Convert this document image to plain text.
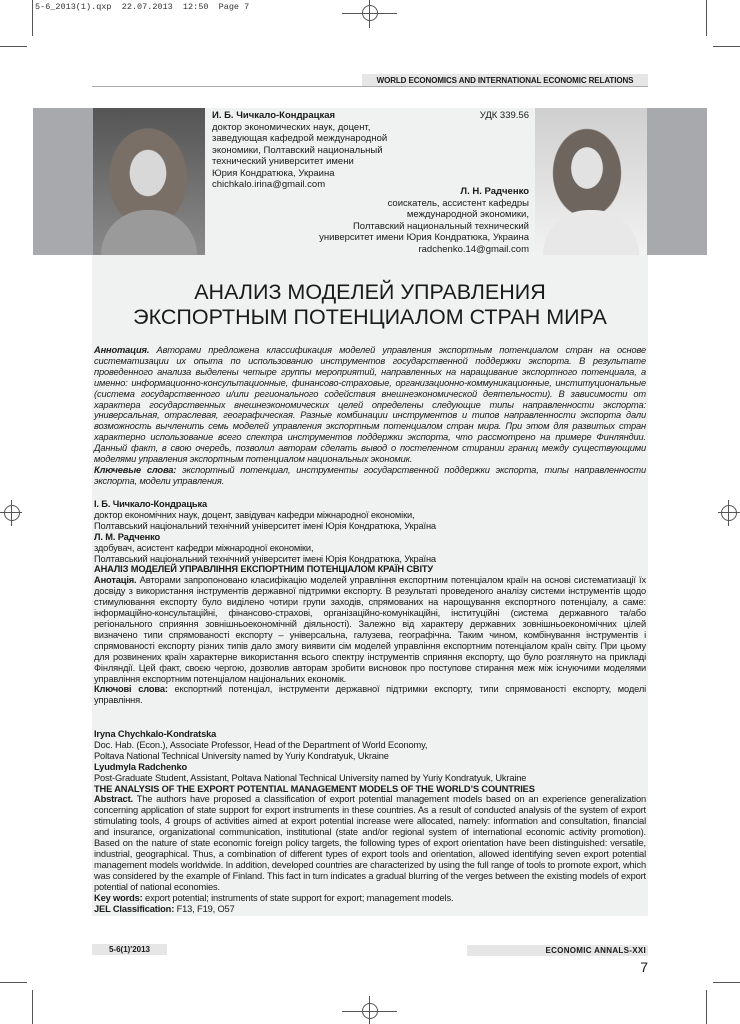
5-6_2013(1).qxp  22.07.2013  12:50  Page 7
WORLD ECONOMICS AND INTERNATIONAL ECONOMIC RELATIONS
И. Б. Чичкало-Кондрацкая
доктор экономических наук, доцент,
заведующая кафедрой международной
экономики, Полтавский национальный
технический университет имени
Юрия Кондратюка, Украина
chichkalo.irina@gmail.com
УДК 339.56
Л. Н. Радченко
соискатель, ассистент кафедры
международной экономики,
Полтавский национальный технический
университет имени Юрия Кондратюка, Украина
radchenko.14@gmail.com
АНАЛИЗ МОДЕЛЕЙ УПРАВЛЕНИЯ
ЭКСПОРТНЫМ ПОТЕНЦИАЛОМ СТРАН МИРА

Аннотация. Авторами предложена классификация моделей управления экспортным потенциалом стран на основе систематизации их опыта по использованию инструментов государственной поддержки экспорта. В результате проведенного анализа выделены четыре группы мероприятий, направленных на наращивание экспортного потенциала, а именно: информационно-консультационные, финансово-страховые, организационно-коммуникационные, институциональные (система государственного и/или регионального содействия внешнеэкономической деятельности). В зависимости от характера государственных внешнеэкономических целей определены следующие типы направленности экспорта: универсальная, отраслевая, географическая. Разные комбинации инструментов и типов направленности экспорта дали возможность вычленить семь моделей управления экспортным потенциалом стран мира. При этом для развитых стран характерно использование всего спектра инструментов поддержки экспорта, что рассмотрено на примере Финляндии. Данный факт, в свою очередь, позволил авторам сделать вывод о постепенном стирании границ между существующими моделями управления экспортным потенциалом национальных экономик.

Ключевые слова: экспортный потенциал, инструменты государственной поддержки экспорта, типы направленности экспорта, модели управления.

І. Б. Чичкало-Кондрацька

доктор економічних наук, доцент, завідувач кафедри міжнародної економіки,

Полтавський національний технічний університет імені Юрія Кондратюка, Україна

Л. М. Радченко

здобувач, асистент кафедри міжнародної економіки,

Полтавський національний технічний університет імені Юрія Кондратюка, Україна

АНАЛІЗ МОДЕЛЕЙ УПРАВЛІННЯ ЕКСПОРТНИМ ПОТЕНЦІАЛОМ КРАЇН СВІТУ

Анотація. Авторами запропоновано класифікацію моделей управління експортним потенціалом країн на основі систематизації їх досвіду з використання інструментів державної підтримки експорту. В результаті проведеного аналізу системи інструментів щодо стимулювання експорту було виділено чотири групи заходів, спрямованих на нарощування експортного потенціалу, а саме: інформаційно-консультаційні, фінансово-страхові, організаційно-комунікаційні, інституційні (система державного та/або регіонального сприяння зовнішньоекономічній діяльності). Залежно від характеру державних зовнішньоекономічних цілей визначено типи спрямованості експорту – універсальна, галузева, географічна. Таким чином, комбінування інструментів і спрямованості експорту різних типів дало змогу виявити сім моделей управління експортним потенціалом країн світу. При цьому для розвинених країн характерне використання всього спектру інструментів сприяння експорту, що було розглянуто на прикладі Фінляндії. Цей факт, своєю чергою, дозволив авторам зробити висновок про поступове стирання меж між існуючими моделями управління експортним потенціалом національних економік.

Ключові слова: експортний потенціал, інструменти державної підтримки експорту, типи спрямованості експорту, моделі управління.

Iryna Chychkalo-Kondratska

Doc. Hab. (Econ.), Associate Professor, Head of the Department of World Economy,

Poltava National Technical University named by Yuriy Kondratyuk, Ukraine

Lyudmyla Radchenko

Post-Graduate Student, Assistant, Poltava National Technical University named by Yuriy Kondratyuk, Ukraine

THE ANALYSIS OF THE EXPORT POTENTIAL MANAGEMENT MODELS OF THE WORLD’S COUNTRIES

Abstract. The authors have proposed a classification of export potential management models based on an experience generalization concerning application of state support for export instruments in these countries. As a result of conducted analysis of the system of export stimulating tools, 4 groups of activities aimed at export potential increase were allocated, namely: information and consultation, financial and insurance, organizational communication, institutional (state and/or regional system of international economic activity promotion). Based on the nature of state economic foreign policy targets, the following types of export orientation have been distinguished: versatile, industrial, geographical. Thus, a combination of different types of export tools and orientation, allowed identifying seven export potential management models worldwide. In addition, developed countries are characterized by using the full range of tools to promote export, which was considered by the example of Finland. This fact in turn indicates a gradual blurring of the verges between the existing models of export potential of national economies.

Key words: export potential; instruments of state support for export; management models.

JEL Classification: F13, F19, O57

5-6(1)'2013	ECONOMIC ANNALS-XXI
7
